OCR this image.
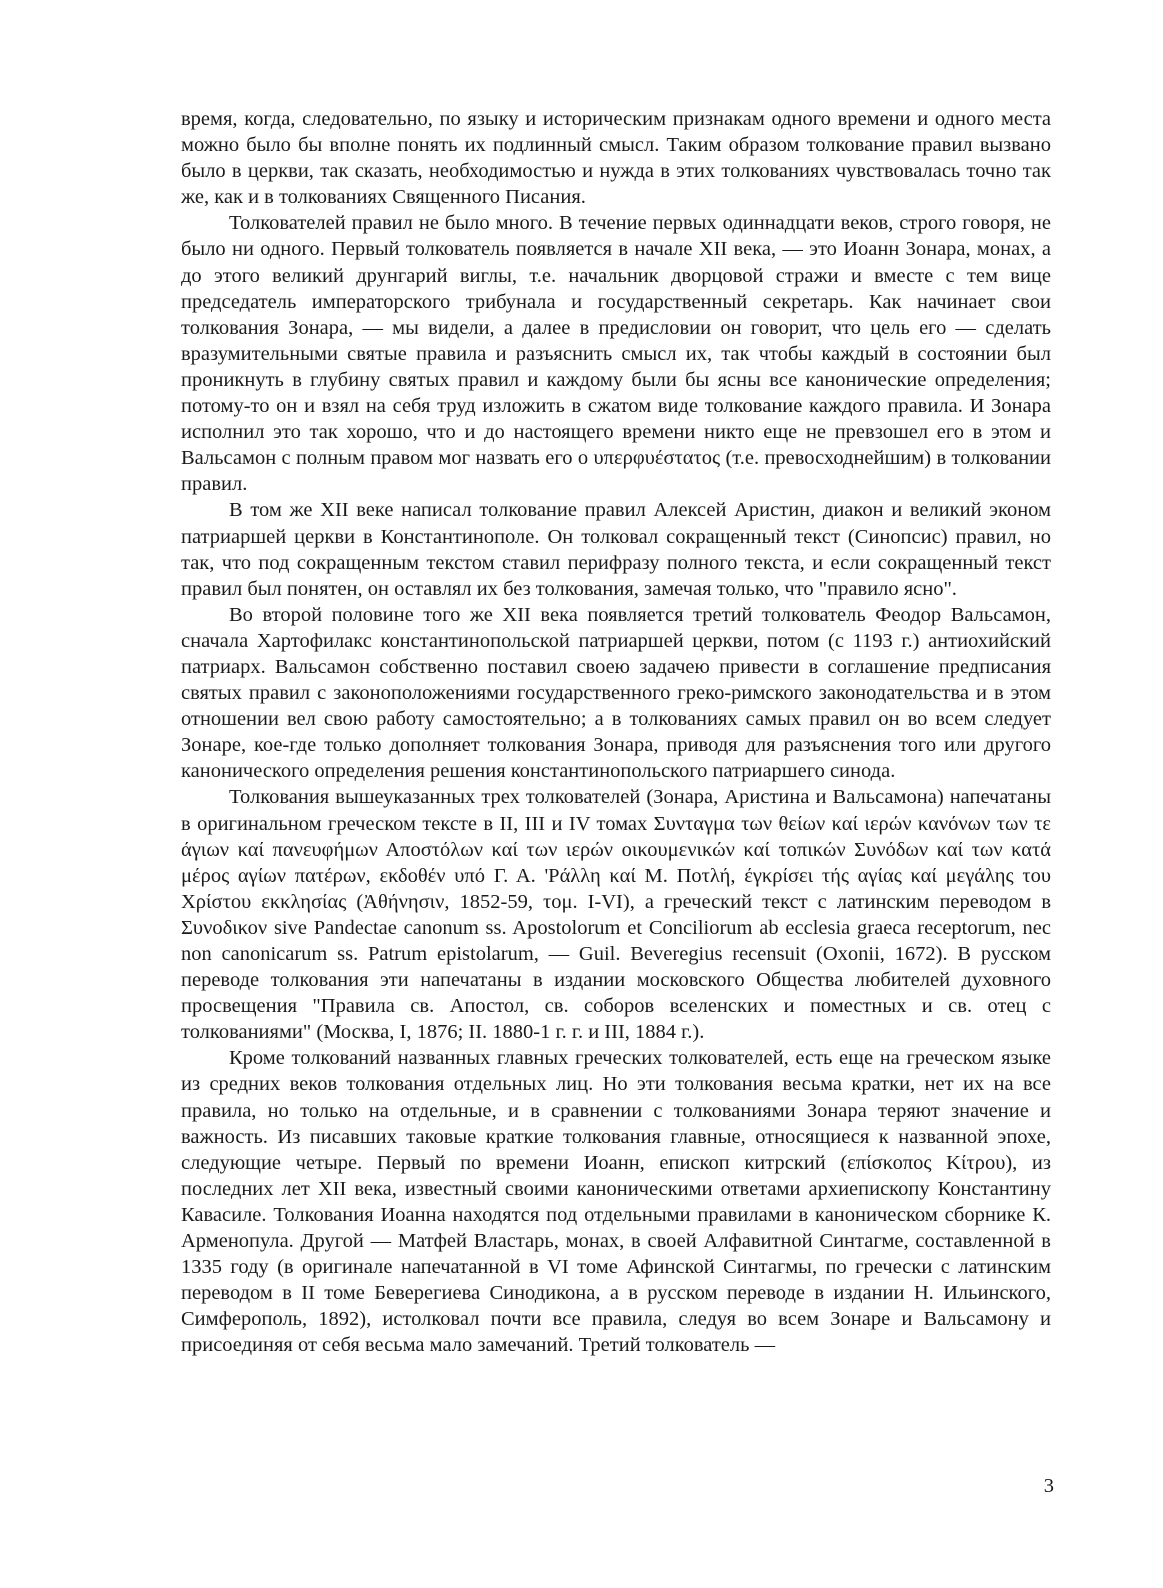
время, когда, следовательно, по языку и историческим признакам одного времени и одного места можно было бы вполне понять их подлинный смысл. Таким образом толкование правил вызвано было в церкви, так сказать, необходимостью и нужда в этих толкованиях чувствовалась точно так же, как и в толкованиях Священного Писания.

Толкователей правил не было много. В течение первых одиннадцати веков, строго говоря, не было ни одного. Первый толкователь появляется в начале XII века, — это Иоанн Зонара, монах, а до этого великий друнгарий виглы, т.е. начальник дворцовой стражи и вместе с тем вице председатель императорского трибунала и государственный секретарь. Как начинает свои толкования Зонара, — мы видели, а далее в предисловии он говорит, что цель его — сделать вразумительными святые правила и разъяснить смысл их, так чтобы каждый в состоянии был проникнуть в глубину святых правил и каждому были бы ясны все канонические определения; потому-то он и взял на себя труд изложить в сжатом виде толкование каждого правила. И Зонара исполнил это так хорошо, что и до настоящего времени никто еще не превзошел его в этом и Вальсамон с полным правом мог назвать его ο υπερφυέστατος (т.е. превосходнейшим) в толковании правил.

В том же XII веке написал толкование правил Алексей Аристин, диакон и великий эконом патриаршей церкви в Константинополе. Он толковал сокращенный текст (Синопсис) правил, но так, что под сокращенным текстом ставил перифразу полного текста, и если сокращенный текст правил был понятен, он оставлял их без толкования, замечая только, что "правило ясно".

Во второй половине того же XII века появляется третий толкователь Феодор Вальсамон, сначала Хартофилакс константинопольской патриаршей церкви, потом (с 1193 г.) антиохийский патриарх. Вальсамон собственно поставил своею задачею привести в соглашение предписания святых правил с законоположениями государственного греко-римского законодательства и в этом отношении вел свою работу самостоятельно; а в толкованиях самых правил он во всем следует Зонаре, кое-где только дополняет толкования Зонара, приводя для разъяснения того или другого канонического определения решения константинопольского патриаршего синода.

Толкования вышеуказанных трех толкователей (Зонара, Аристина и Вальсамона) напечатаны в оригинальном греческом тексте в II, III и IV томах Συνταγμα των θείων καί ιερών κανόνων των τε άγιων καί πανευφήμων Αποστόλων καί των ιερών οικουμενικών καί τοπικών Συνόδων καί των κατά μέρος αγίων πατέρων, εκδοθέν υπό Γ. Α. 'Ράλλη καί Μ. Ποτλή, έγκρίσει τής αγίας καί μεγάλης του Χρίστου εκκλησίας (Ἀθήνησιν, 1852-59, τομ. I-VI), а греческий текст с латинским переводом в Συνοδικον sive Pandectae canonum ss. Apostolorum et Conciliorum ab ecclesia graeca receptorum, nec non canonicarum ss. Patrum epistolarum, — Guil. Beveregius recensuit (Oxonii, 1672). В русском переводе толкования эти напечатаны в издании московского Общества любителей духовного просвещения "Правила св. Апостол, св. соборов вселенских и поместных и св. отец с толкованиями" (Москва, I, 1876; II. 1880-1 г. г. и III, 1884 г.).

Кроме толкований названных главных греческих толкователей, есть еще на греческом языке из средних веков толкования отдельных лиц. Но эти толкования весьма кратки, нет их на все правила, но только на отдельные, и в сравнении с толкованиями Зонара теряют значение и важность. Из писавших таковые краткие толкования главные, относящиеся к названной эпохе, следующие четыре. Первый по времени Иоанн, епископ китрский (επίσκοπος Κίτρου), из последних лет XII века, известный своими каноническими ответами архиепископу Константину Кавасиле. Толкования Иоанна находятся под отдельными правилами в каноническом сборнике К. Арменопула. Другой — Матфей Властарь, монах, в своей Алфавитной Синтагме, составленной в 1335 году (в оригинале напечатанной в VI томе Афинской Синтагмы, по гречески с латинским переводом в II томе Беверегиева Синодикона, а в русском переводе в издании Н. Ильинского, Симферополь, 1892), истолковал почти все правила, следуя во всем Зонаре и Вальсамону и присоединяя от себя весьма мало замечаний. Третий толкователь —

3
